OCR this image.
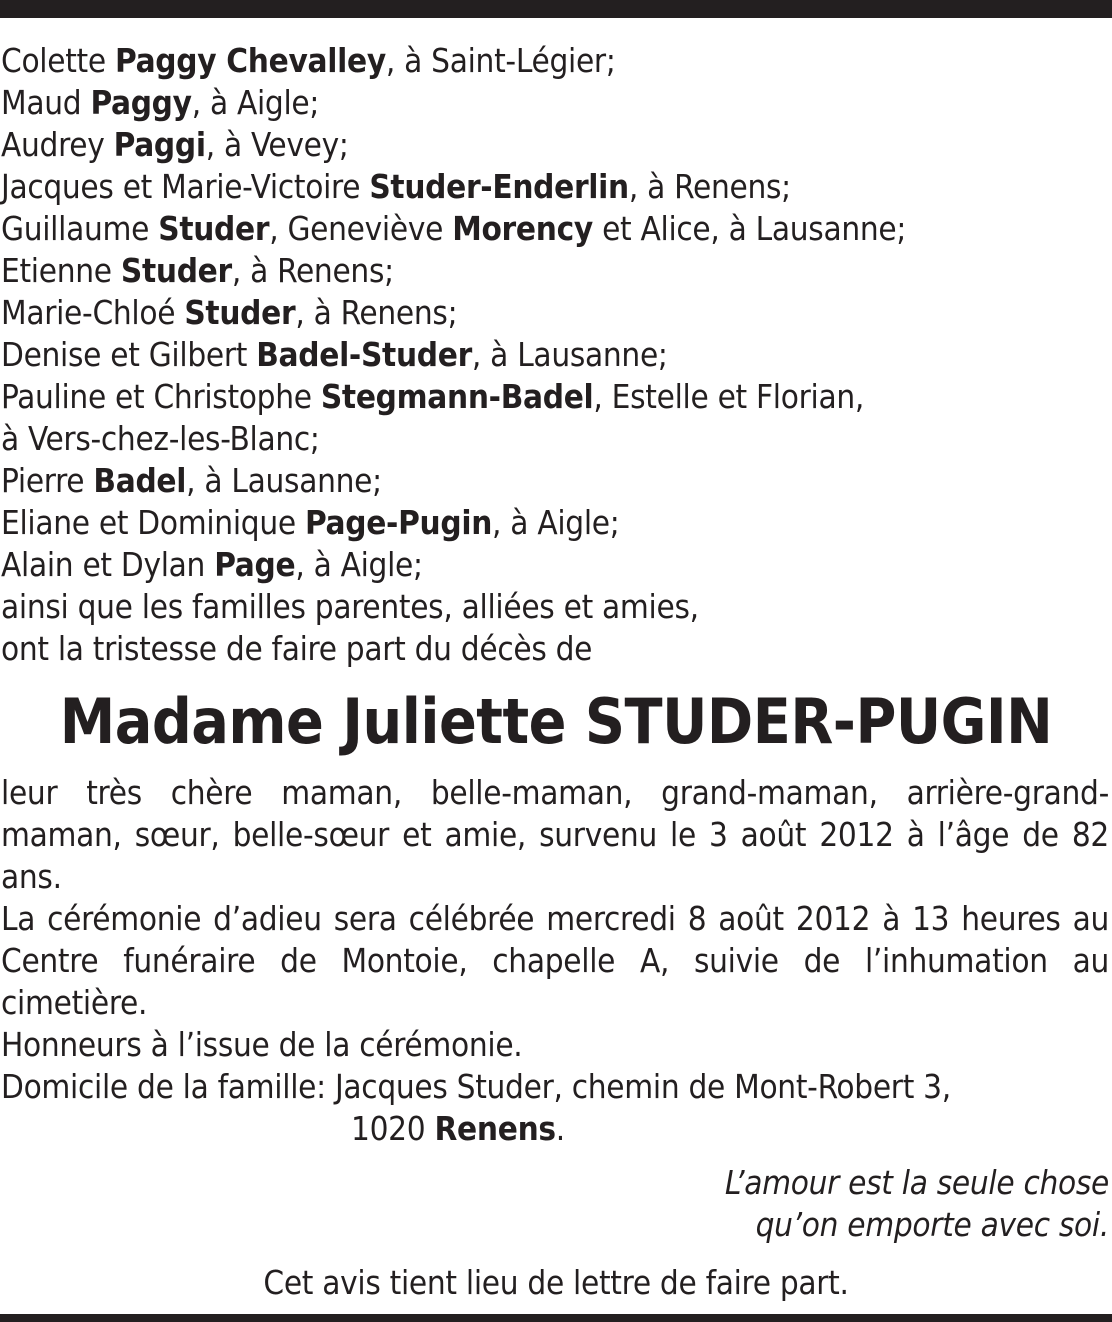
Colette Paggy Chevalley, à Saint-Légier;
Maud Paggy, à Aigle;
Audrey Paggi, à Vevey;
Jacques et Marie-Victoire Studer-Enderlin, à Renens;
Guillaume Studer, Geneviève Morency et Alice, à Lausanne;
Etienne Studer, à Renens;
Marie-Chloé Studer, à Renens;
Denise et Gilbert Badel-Studer, à Lausanne;
Pauline et Christophe Stegmann-Badel, Estelle et Florian,
à Vers-chez-les-Blanc;
Pierre Badel, à Lausanne;
Eliane et Dominique Page-Pugin, à Aigle;
Alain et Dylan Page, à Aigle;
ainsi que les familles parentes, alliées et amies,
ont la tristesse de faire part du décès de
Madame Juliette STUDER-PUGIN

leur très chère maman, belle-maman, grand-maman, arrière-grand-maman, sœur, belle-sœur et amie, survenu le 3 août 2012 à l’âge de 82 ans.

La cérémonie d’adieu sera célébrée mercredi 8 août 2012 à 13 heures au Centre funéraire de Montoie, chapelle A, suivie de l’inhumation au cimetière.

Honneurs à l’issue de la cérémonie.

Domicile de la famille: Jacques Studer, chemin de Mont-Robert 3,

1020 Renens.
L’amour est la seule chose
qu’on emporte avec soi.
Cet avis tient lieu de lettre de faire part.
